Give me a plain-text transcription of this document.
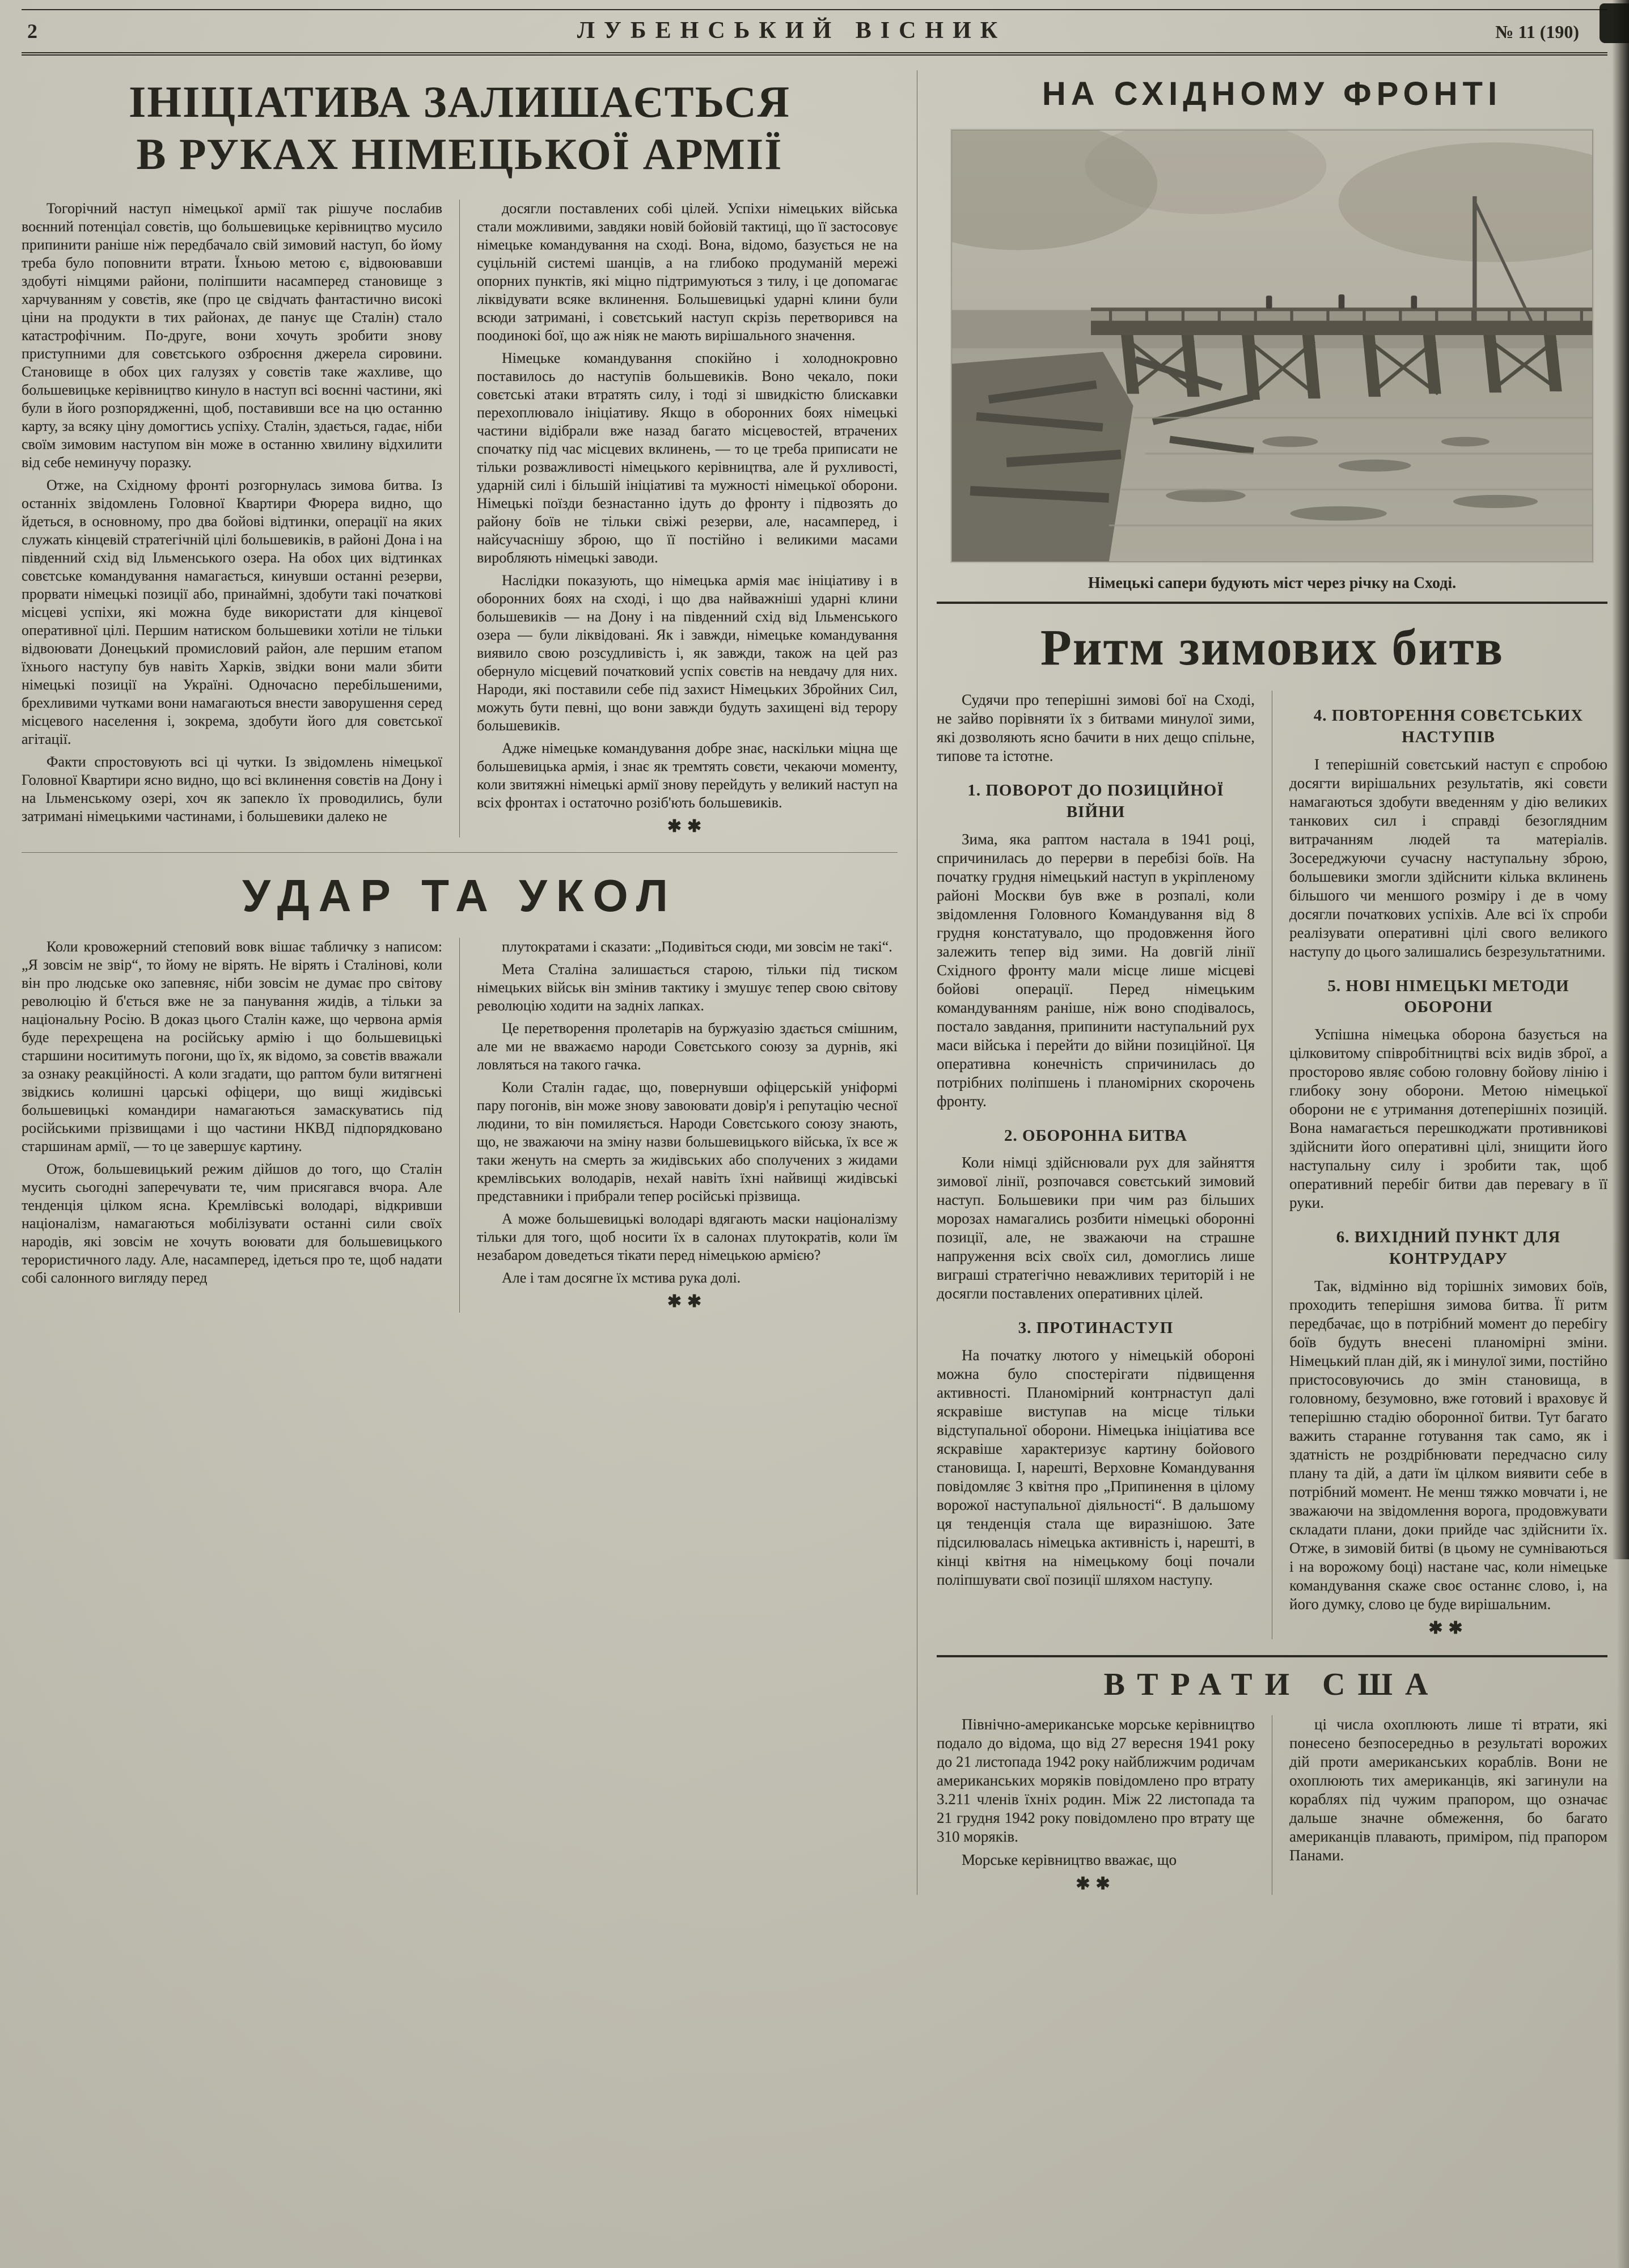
2	ЛУБЕНСЬКИЙ ВІСНИК	№ 11 (190)
ІНІЦІАТИВА ЗАЛИШАЄТЬСЯ
В РУКАХ НІМЕЦЬКОЇ АРМІЇ

Тогорічний наступ німецької армії так рішуче послабив воєнний потенціал совєтів, що большевицьке керівництво мусило припинити раніше ніж передбачало свій зимовий наступ, бо йому треба було поповнити втрати. Їхньою метою є, відвоювавши здобуті німцями райони, поліпшити насамперед становище з харчуванням у совєтів, яке (про це свідчать фантастично високі ціни на продукти в тих районах, де панує ще Сталін) стало катастрофічним. По-друге, вони хочуть зробити знову приступними для совєтського озброєння джерела сировини. Становище в обох цих галузях у совєтів таке жахливе, що большевицьке керівництво кинуло в наступ всі воєнні частини, які були в його розпорядженні, щоб, поставивши все на цю останню карту, за всяку ціну домогтись успіху. Сталін, здається, гадає, ніби своїм зимовим наступом він може в останню хвилину відхилити від себе неминучу поразку.

Отже, на Східному фронті розгорнулась зимова битва. Із останніх звідомлень Головної Квартири Фюрера видно, що йдеться, в основному, про два бойові відтинки, операції на яких служать кінцевій стратегічній цілі большевиків, в районі Дона і на південний схід від Ільменського озера. На обох цих відтинках совєтське командування намагається, кинувши останні резерви, прорвати німецькі позиції або, принаймні, здобути такі початкові місцеві успіхи, які можна буде використати для кінцевої оперативної цілі. Першим натиском большевики хотіли не тільки відвоювати Донецький промисловий район, але першим етапом їхнього наступу був навіть Харків, звідки вони мали збити німецькі позиції на Україні. Одночасно перебільшеними, брехливими чутками вони намагаються внести заворушення серед місцевого населення і, зокрема, здобути його для совєтської агітації.

Факти спростовують всі ці чутки. Із звідомлень німецької Головної Квартири ясно видно, що всі вклинення совєтів на Дону і на Ільменському озері, хоч як запекло їх проводились, були затримані німецькими частинами, і большевики далеко не

досягли поставлених собі цілей. Успіхи німецьких війська стали можливими, завдяки новій бойовій тактиці, що її застосовує німецьке командування на сході. Вона, відомо, базується не на суцільній системі шанців, а на глибоко продуманій мережі опорних пунктів, які міцно підтримуються з тилу, і це допомагає ліквідувати всяке вклинення. Большевицькі ударні клини були всюди затримані, і совєтський наступ скрізь перетворився на поодинокі бої, що аж ніяк не мають вирішального значення.

Німецьке командування спокійно і холоднокровно поставилось до наступів большевиків. Воно чекало, поки совєтські атаки втратять силу, і тоді зі швидкістю блискавки перехоплювало ініціативу. Якщо в оборонних боях німецькі частини відібрали вже назад багато місцевостей, втрачених спочатку під час місцевих вклинень, — то це треба приписати не тільки розважливості німецького керівництва, але й рухливості, ударній силі і більшій ініціативі та мужності німецької оборони. Німецькі поїзди безнастанно ідуть до фронту і підвозять до району боїв не тільки свіжі резерви, але, насамперед, і найсучаснішу зброю, що її постійно і великими масами виробляють німецькі заводи.

Наслідки показують, що німецька армія має ініціативу і в оборонних боях на сході, і що два найважніші ударні клини большевиків — на Дону і на південний схід від Ільменського озера — були ліквідовані. Як і завжди, німецьке командування виявило свою розсудливість і, як завжди, також на цей раз обернуло місцевий початковий успіх совєтів на невдачу для них. Народи, які поставили себе під захист Німецьких Збройних Сил, можуть бути певні, що вони завжди будуть захищені від терору большевиків.

Адже німецьке командування добре знає, наскільки міцна ще большевицька армія, і знає як тремтять совєти, чекаючи моменту, коли звитяжні німецькі армії знову перейдуть у великий наступ на всіх фронтах і остаточно розіб'ють большевиків.

✱✱
УДАР ТА УКОЛ

Коли кровожерний степовий вовк вішає табличку з написом: „Я зовсім не звір“, то йому не вірять. Не вірять і Сталінові, коли він про людське око запевняє, ніби зовсім не думає про світову революцію й б'ється вже не за панування жидів, а тільки за національну Росію. В доказ цього Сталін каже, що червона армія буде перехрещена на російську армію і що большевицькі старшини носитимуть погони, що їх, як відомо, за совєтів вважали за ознаку реакційності. А коли згадати, що раптом були витягнені звідкись колишні царські офіцери, що вищі жидівські большевицькі командири намагаються замаскуватись під російськими прізвищами і що частини НКВД підпорядковано старшинам армії, — то це завершує картину.

Отож, большевицький режим дійшов до того, що Сталін мусить сьогодні заперечувати те, чим присягався вчора. Але тенденція цілком ясна. Кремлівські володарі, відкривши націоналізм, намагаються мобілізувати останні сили своїх народів, які зовсім не хочуть воювати для большевицького терористичного ладу. Але, насамперед, ідеться про те, щоб надати собі салонного вигляду перед

плутократами і сказати: „Подивіться сюди, ми зовсім не такі“.

Мета Сталіна залишається старою, тільки під тиском німецьких військ він змінив тактику і змушує тепер свою світову революцію ходити на задніх лапках.

Це перетворення пролетарів на буржуазію здається смішним, але ми не вважаємо народи Совєтського союзу за дурнів, які ловляться на такого гачка.

Коли Сталін гадає, що, повернувши офіцерській уніформі пару погонів, він може знову завоювати довір'я і репутацію чесної людини, то він помиляється. Народи Совєтського союзу знають, що, не зважаючи на зміну назви большевицького війська, їх все ж таки женуть на смерть за жидівських або сполучених з жидами кремлівських володарів, нехай навіть їхні найвищі жидівські представники і прибрали тепер російські прізвища.

А може большевицькі володарі вдягають маски націоналізму тільки для того, щоб носити їх в салонах плутократів, коли їм незабаром доведеться тікати перед німецькою армією?

Але і там досягне їх мстива рука долі.

✱✱
НА СХІДНОМУ ФРОНТІ
Німецькі сапери будують міст через річку на Сході.
Ритм зимових битв

Судячи про теперішні зимові бої на Сході, не зайво порівняти їх з битвами минулої зими, які дозволяють ясно бачити в них дещо спільне, типове та істотне.

1. ПОВОРОТ ДО ПОЗИЦІЙНОЇ ВІЙНИ

Зима, яка раптом настала в 1941 році, спричинилась до перерви в перебізі боїв. На початку грудня німецький наступ в укріпленому районі Москви був вже в розпалі, коли звідомлення Головного Командування від 8 грудня констатувало, що продовження його залежить тепер від зими. На довгій лінії Східного фронту мали місце лише місцеві бойові операції. Перед німецьким командуванням раніше, ніж воно сподівалось, постало завдання, припинити наступальний рух маси війська і перейти до війни позиційної. Ця оперативна конечність спричинилась до потрібних поліпшень і планомірних скорочень фронту.

2. ОБОРОННА БИТВА

Коли німці здійснювали рух для зайняття зимової лінії, розпочався совєтський зимовий наступ. Большевики при чим раз більших морозах намагались розбити німецькі оборонні позиції, але, не зважаючи на страшне напруження всіх своїх сил, домоглись лише виграші стратегічно неважливих територій і не досягли поставлених оперативних цілей.

3. ПРОТИНАСТУП

На початку лютого у німецькій обороні можна було спостерігати підвищення активності. Планомірний контрнаступ далі яскравіше виступав на місце тільки відступальної оборони. Німецька ініціатива все яскравіше характеризує картину бойового становища. І, нарешті, Верховне Командування повідомляє 3 квітня про „Припинення в цілому ворожої наступальної діяльності“. В дальшому ця тенденція стала ще виразнішою. Зате підсилювалась німецька активність і, нарешті, в кінці квітня на німецькому боці почали поліпшувати свої позиції шляхом наступу.

4. ПОВТОРЕННЯ СОВЄТСЬКИХ НАСТУПІВ

І теперішній совєтський наступ є спробою досягти вирішальних результатів, які совєти намагаються здобути введенням у дію великих танкових сил і справді безоглядним витрачанням людей та матеріалів. Зосереджуючи сучасну наступальну зброю, большевики змогли здійснити кілька вклинень більшого чи меншого розміру і де в чому досягли початкових успіхів. Але всі їх спроби реалізувати оперативні цілі свого великого наступу до цього залишались безрезультатними.

5. НОВІ НІМЕЦЬКІ МЕТОДИ ОБОРОНИ

Успішна німецька оборона базується на цілковитому співробітництві всіх видів зброї, а просторово являє собою головну бойову лінію і глибоку зону оборони. Метою німецької оборони не є утримання дотеперішніх позицій. Вона намагається перешкоджати противникові здійснити його оперативні цілі, знищити його наступальну силу і зробити так, щоб оперативний перебіг битви дав перевагу в її руки.

6. ВИХІДНИЙ ПУНКТ ДЛЯ КОНТРУДАРУ

Так, відмінно від торішніх зимових боїв, проходить теперішня зимова битва. Її ритм передбачає, що в потрібний момент до перебігу боїв будуть внесені планомірні зміни. Німецький план дій, як і минулої зими, постійно пристосовуючись до змін становища, в головному, безумовно, вже готовий і враховує й теперішню стадію оборонної битви. Тут багато важить старанне готування так само, як і здатність не роздрібнювати передчасно силу плану та дій, а дати їм цілком виявити себе в потрібний момент. Не менш тяжко мовчати і, не зважаючи на звідомлення ворога, продовжувати складати плани, доки прийде час здійснити їх. Отже, в зимовій битві (в цьому не сумніваються і на ворожому боці) настане час, коли німецьке командування скаже своє останнє слово, і, на його думку, слово це буде вирішальним.

✱✱
ВТРАТИ США

Північно-американське морське керівництво подало до відома, що від 27 вересня 1941 року до 21 листопада 1942 року найближчим родичам американських моряків повідомлено про втрату 3.211 членів їхніх родин. Між 22 листопада та 21 грудня 1942 року повідомлено про втрату ще 310 моряків.

Морське керівництво вважає, що

✱✱

ці числа охоплюють лише ті втрати, які понесено безпосередньо в результаті ворожих дій проти американських кораблів. Вони не охоплюють тих американців, які загинули на кораблях під чужим прапором, що означає дальше значне обмеження, бо багато американців плавають, приміром, під прапором Панами.
